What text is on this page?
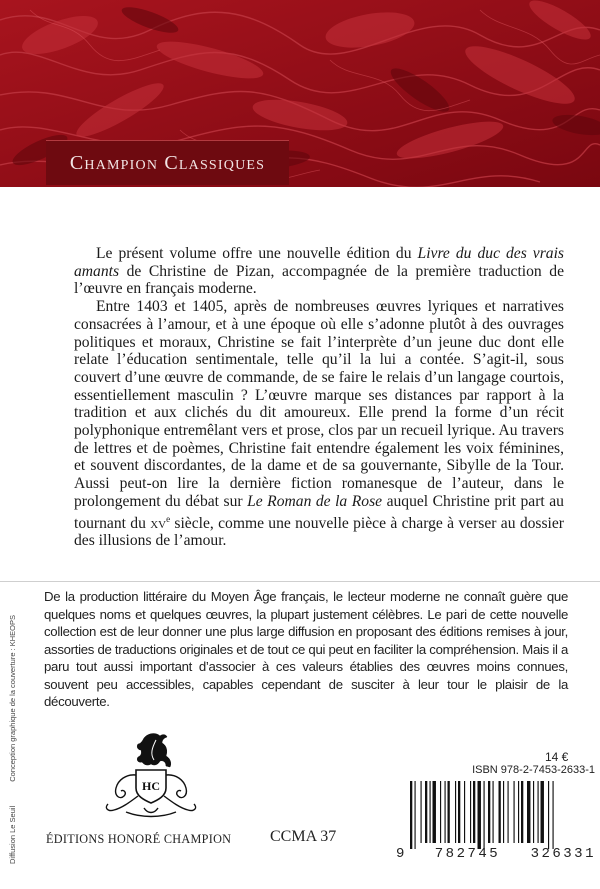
Champion Classiques

Le présent volume offre une nouvelle édition du Livre du duc des vrais amants de Christine de Pizan, accompagnée de la première traduction de l’œuvre en français moderne.

Entre 1403 et 1405, après de nombreuses œuvres lyriques et narratives consacrées à l’amour, et à une époque où elle s’adonne plutôt à des ouvrages politiques et moraux, Christine se fait l’interprète d’un jeune duc dont elle relate l’éducation sentimentale, telle qu’il la lui a contée. S’agit-il, sous couvert d’une œuvre de commande, de se faire le relais d’un langage courtois, essentiellement masculin ? L’œuvre marque ses distances par rapport à la tradition et aux clichés du dit amoureux. Elle prend la forme d’un récit polyphonique entremêlant vers et prose, clos par un recueil lyrique. Au travers de lettres et de poèmes, Christine fait entendre également les voix féminines, et souvent discordantes, de la dame et de sa gouvernante, Sibylle de la Tour. Aussi peut-on lire la dernière fiction romanesque de l’auteur, dans le prolongement du débat sur Le Roman de la Rose auquel Christine prit part au tournant du $xv^e$ siècle, comme une nouvelle pièce à charge à verser au dossier des illusions de l’amour.

De la production littéraire du Moyen Âge français, le lecteur moderne ne connaît guère que quelques noms et quelques œuvres, la plupart justement célèbres. Le pari de cette nouvelle collection est de leur donner une plus large diffusion en proposant des éditions remises à jour, assorties de traductions originales et de tout ce qui peut en faciliter la compréhension. Mais il a paru tout aussi important d’associer à ces valeurs établies des œuvres moins connues, souvent peu accessibles, capables cependant de susciter à leur tour le plaisir de la découverte.
Diffusion Le Seuil
Conception graphique de la couverture : KHEOPS
HC
ÉDITIONS HONORÉ CHAMPION	CCMA 37
14 €
ISBN 978-2-7453-2633-1
9 782745 326331
